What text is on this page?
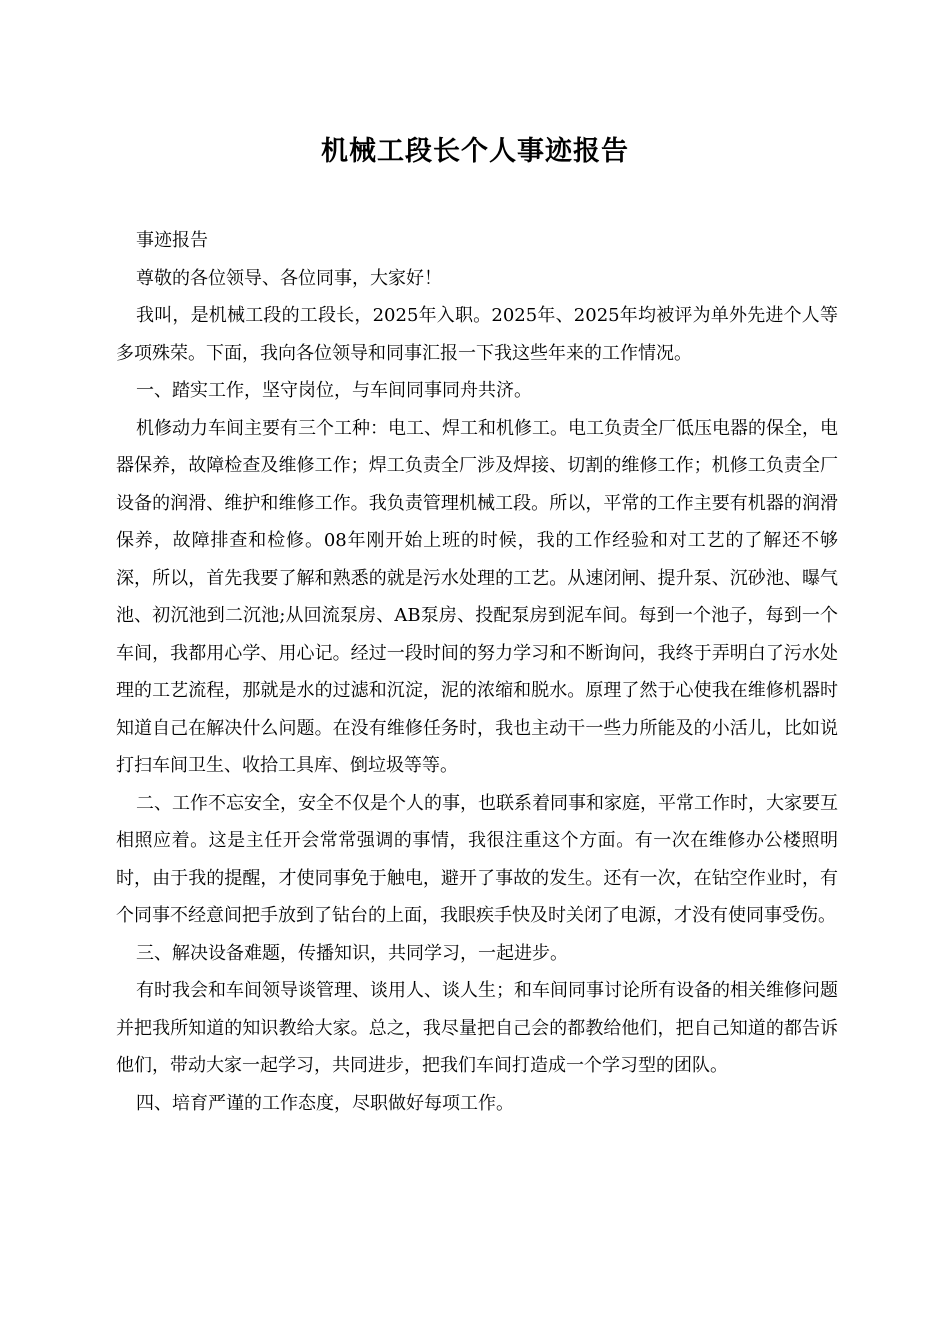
机械工段长个人事迹报告

事迹报告

尊敬的各位领导、各位同事，大家好！

我叫，是机械工段的工段长，2025年入职。2025年、2025年均被评为单外先进个人等多项殊荣。下面，我向各位领导和同事汇报一下我这些年来的工作情况。

一、踏实工作，坚守岗位，与车间同事同舟共济。

机修动力车间主要有三个工种：电工、焊工和机修工。电工负责全厂低压电器的保全，电器保养，故障检查及维修工作；焊工负责全厂涉及焊接、切割的维修工作；机修工负责全厂设备的润滑、维护和维修工作。我负责管理机械工段。所以，平常的工作主要有机器的润滑保养，故障排查和检修。08年刚开始上班的时候，我的工作经验和对工艺的了解还不够深，所以，首先我要了解和熟悉的就是污水处理的工艺。从速闭闸、提升泵、沉砂池、曝气池、初沉池到二沉池;从回流泵房、AB泵房、投配泵房到泥车间。每到一个池子，每到一个车间，我都用心学、用心记。经过一段时间的努力学习和不断询问，我终于弄明白了污水处理的工艺流程，那就是水的过滤和沉淀，泥的浓缩和脱水。原理了然于心使我在维修机器时知道自己在解决什么问题。在没有维修任务时，我也主动干一些力所能及的小活儿，比如说打扫车间卫生、收拾工具库、倒垃圾等等。

二、工作不忘安全，安全不仅是个人的事，也联系着同事和家庭，平常工作时，大家要互相照应着。这是主任开会常常强调的事情，我很注重这个方面。有一次在维修办公楼照明时，由于我的提醒，才使同事免于触电，避开了事故的发生。还有一次，在钻空作业时，有个同事不经意间把手放到了钻台的上面，我眼疾手快及时关闭了电源，才没有使同事受伤。

三、解决设备难题，传播知识，共同学习，一起进步。

有时我会和车间领导谈管理、谈用人、谈人生；和车间同事讨论所有设备的相关维修问题并把我所知道的知识教给大家。总之，我尽量把自己会的都教给他们，把自己知道的都告诉他们，带动大家一起学习，共同进步，把我们车间打造成一个学习型的团队。

四、培育严谨的工作态度，尽职做好每项工作。
